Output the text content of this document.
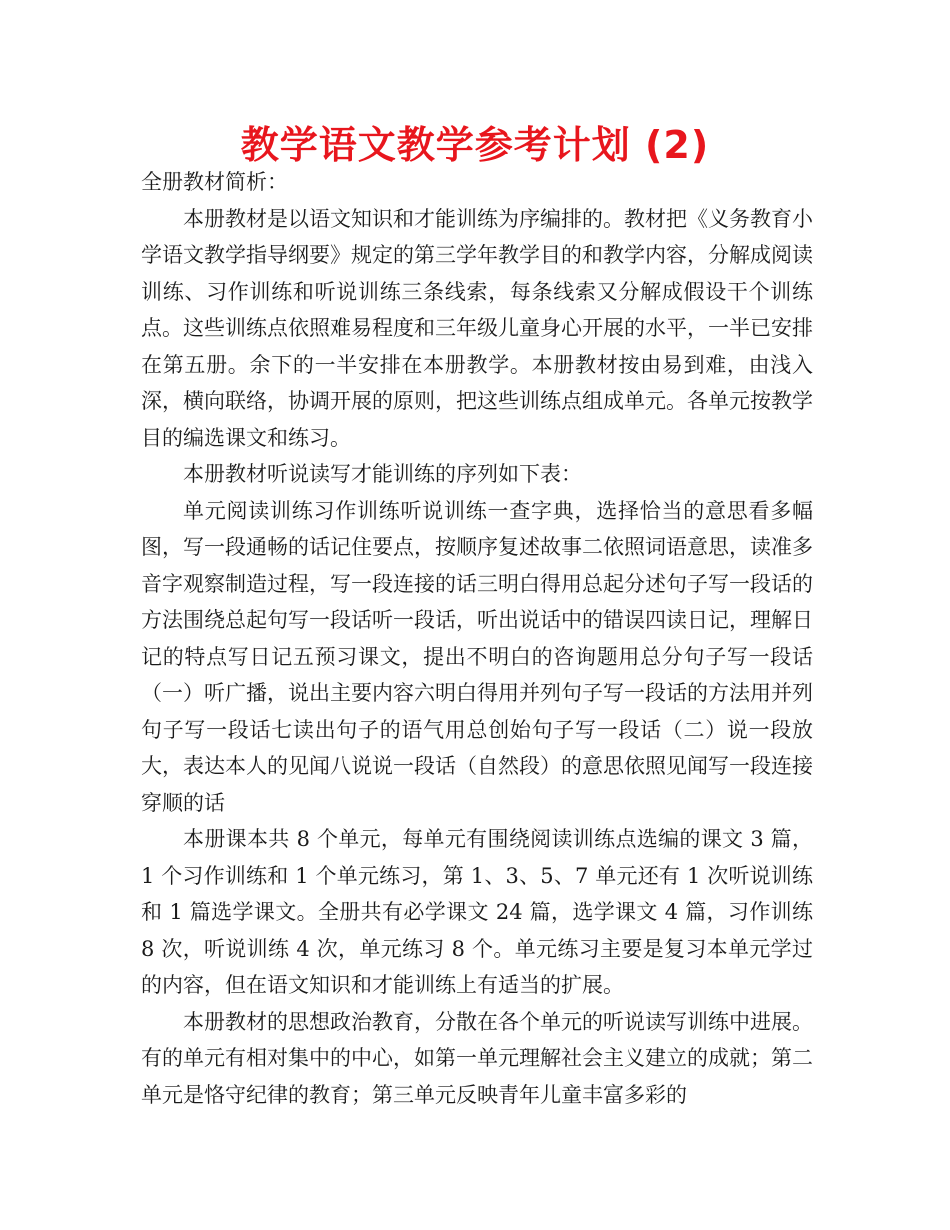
教学语文教学参考计划 (2)

全册教材简析：

本册教材是以语文知识和才能训练为序编排的。教材把《义务教育小学语文教学指导纲要》规定的第三学年教学目的和教学内容，分解成阅读训练、习作训练和听说训练三条线索，每条线索又分解成假设干个训练点。这些训练点依照难易程度和三年级儿童身心开展的水平，一半已安排在第五册。余下的一半安排在本册教学。本册教材按由易到难，由浅入深，横向联络，协调开展的原则，把这些训练点组成单元。各单元按教学目的编选课文和练习。

本册教材听说读写才能训练的序列如下表：

单元阅读训练习作训练听说训练一查字典，选择恰当的意思看多幅图，写一段通畅的话记住要点，按顺序复述故事二依照词语意思，读准多音字观察制造过程，写一段连接的话三明白得用总起分述句子写一段话的方法围绕总起句写一段话听一段话，听出说话中的错误四读日记，理解日记的特点写日记五预习课文，提出不明白的咨询题用总分句子写一段话（一）听广播，说出主要内容六明白得用并列句子写一段话的方法用并列句子写一段话七读出句子的语气用总创始句子写一段话（二）说一段放大，表达本人的见闻八说说一段话（自然段）的意思依照见闻写一段连接穿顺的话

本册课本共 8 个单元，每单元有围绕阅读训练点选编的课文 3 篇，1 个习作训练和 1 个单元练习，第 1、3、5、7 单元还有 1 次听说训练和 1 篇选学课文。全册共有必学课文 24 篇，选学课文 4 篇，习作训练 8 次，听说训练 4 次，单元练习 8 个。单元练习主要是复习本单元学过的内容，但在语文知识和才能训练上有适当的扩展。

本册教材的思想政治教育，分散在各个单元的听说读写训练中进展。有的单元有相对集中的中心，如第一单元理解社会主义建立的成就；第二单元是恪守纪律的教育；第三单元反映青年儿童丰富多彩的
